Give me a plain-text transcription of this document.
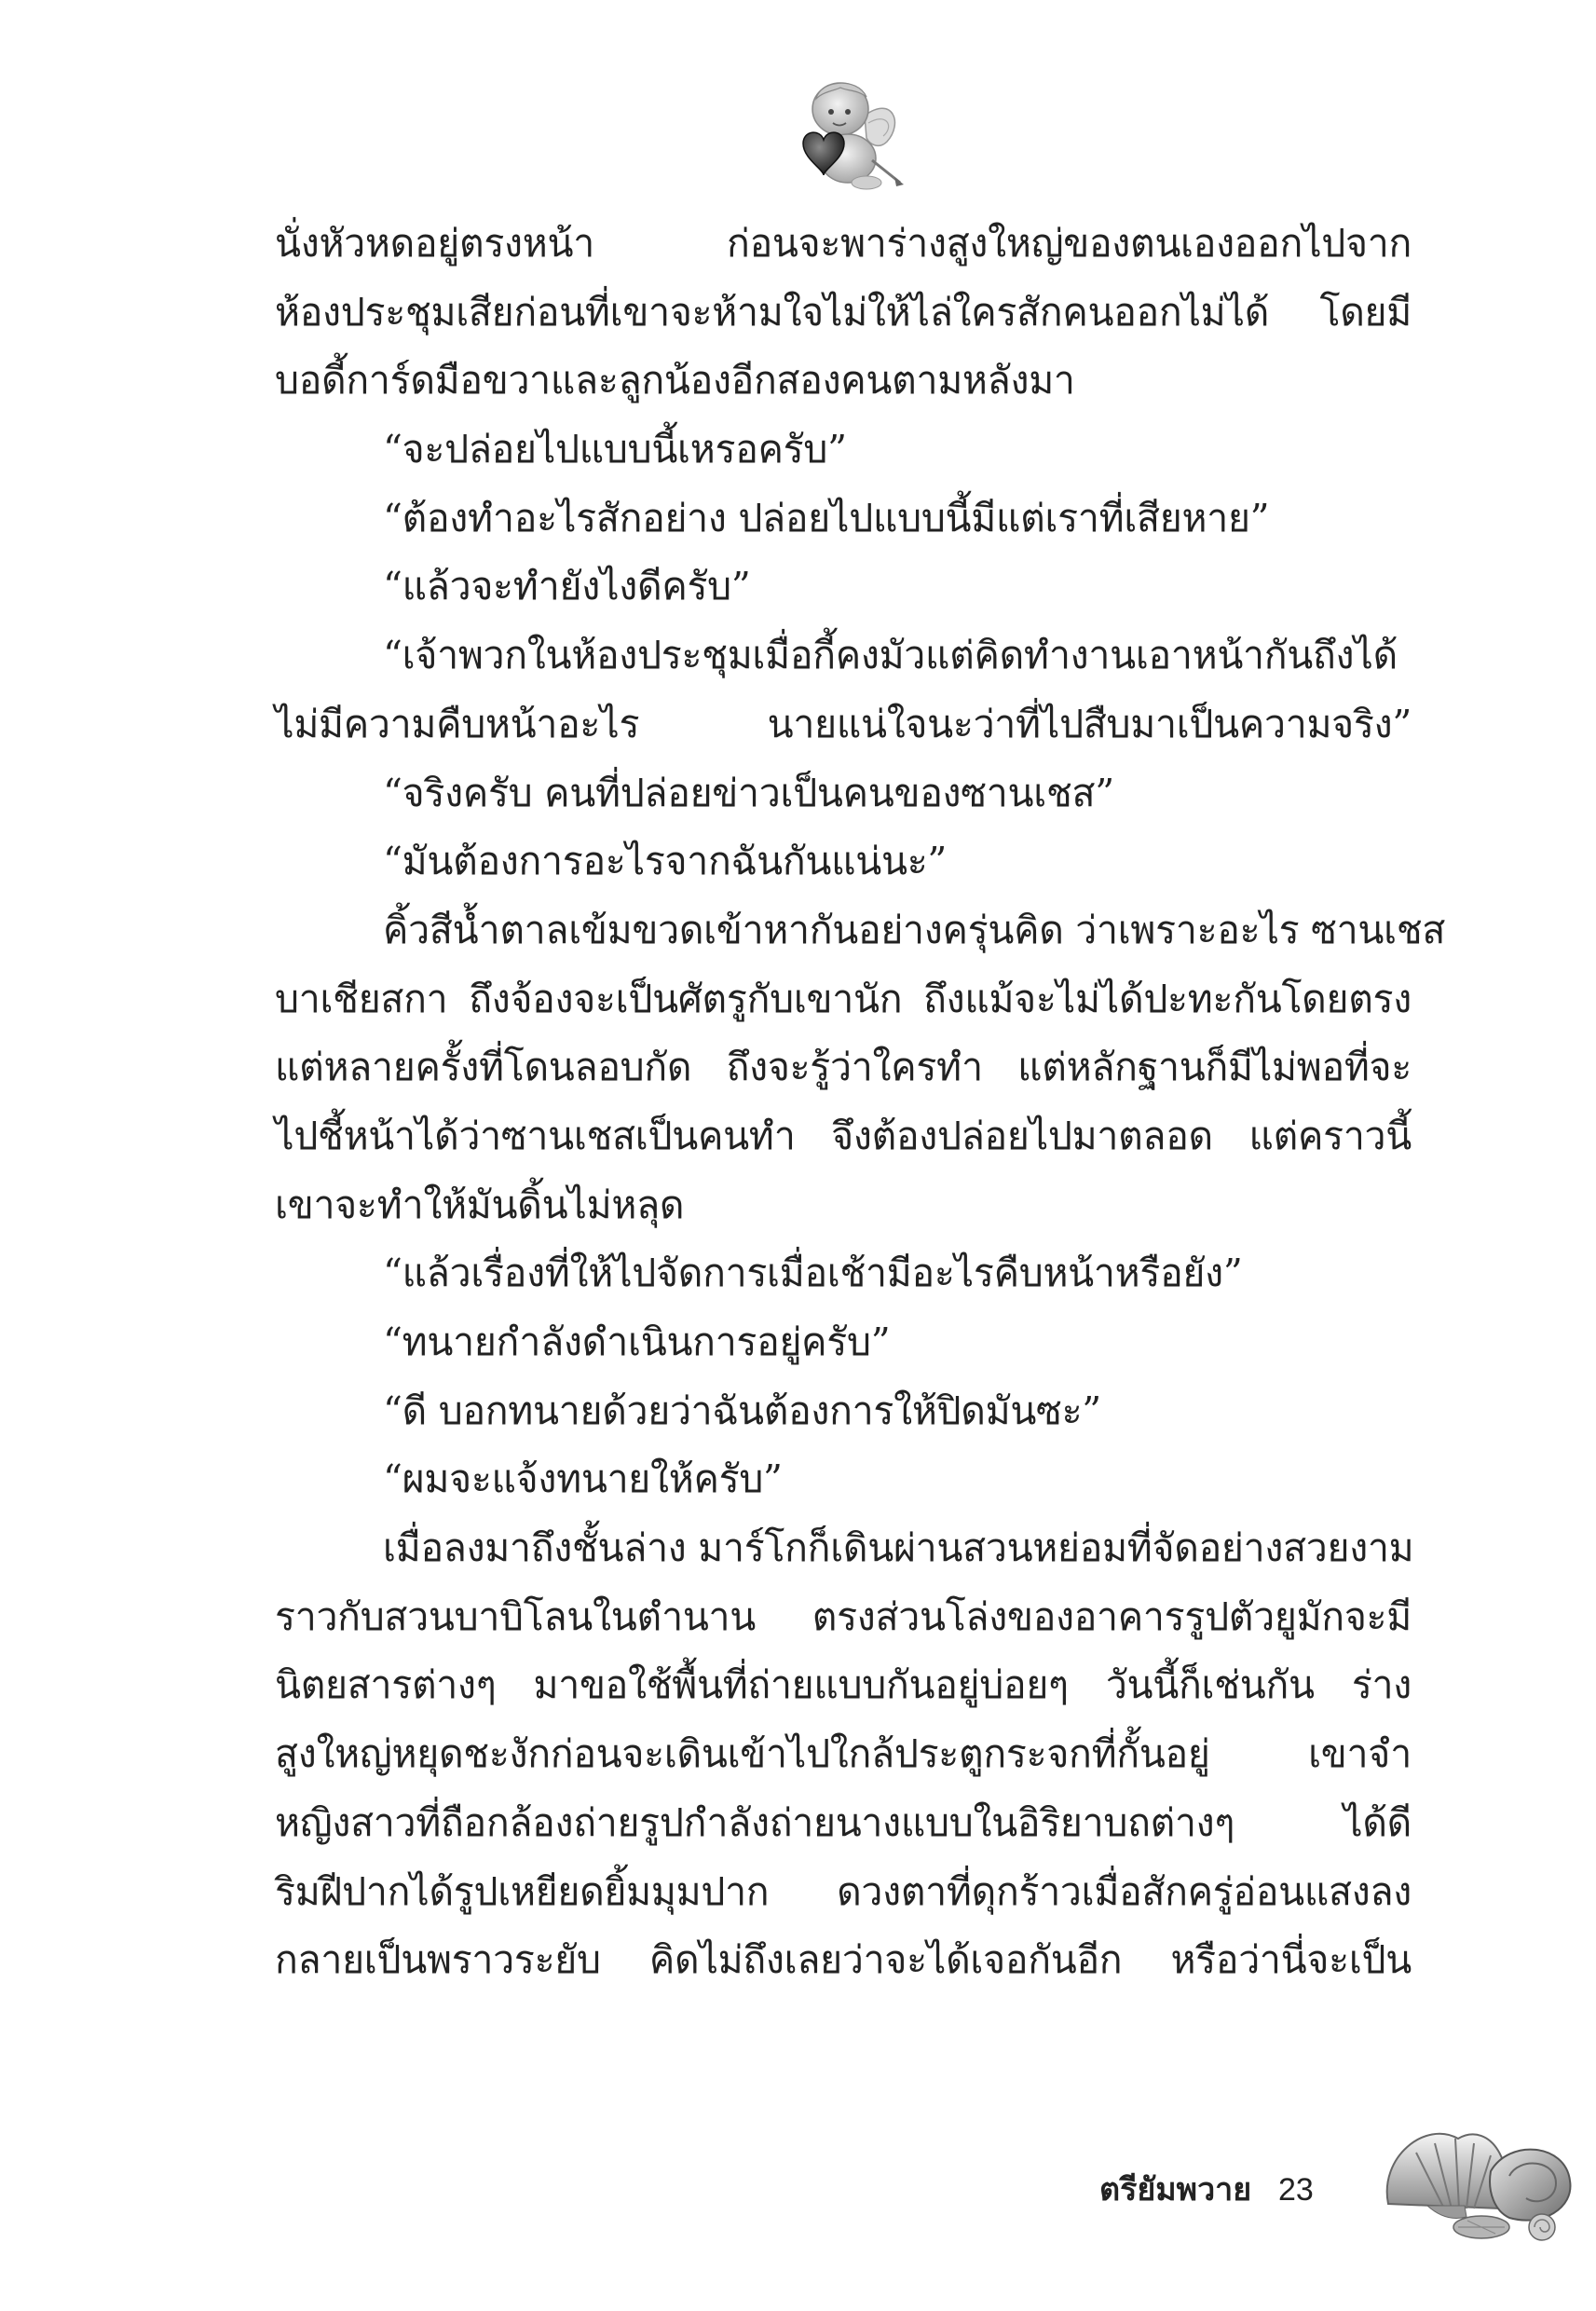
นั่งหัวหดอยู่ตรงหน้า ก่อนจะพาร่างสูงใหญ่ของตนเองออกไปจาก
ห้องประชุมเสียก่อนที่เขาจะห้ามใจไม่ให้ไล่ใครสักคนออกไม่ได้ โดยมี
บอดี้การ์ดมือขวาและลูกน้องอีกสองคนตามหลังมา
“จะปล่อยไปแบบนี้เหรอครับ”
“ต้องทำอะไรสักอย่าง ปล่อยไปแบบนี้มีแต่เราที่เสียหาย”
“แล้วจะทำยังไงดีครับ”
“เจ้าพวกในห้องประชุมเมื่อกี้คงมัวแต่คิดทำงานเอาหน้ากันถึงได้
ไม่มีความคืบหน้าอะไร นายแน่ใจนะว่าที่ไปสืบมาเป็นความจริง”
“จริงครับ คนที่ปล่อยข่าวเป็นคนของซานเชส”
“มันต้องการอะไรจากฉันกันแน่นะ”
คิ้วสีน้ำตาลเข้มขวดเข้าหากันอย่างครุ่นคิด ว่าเพราะอะไร ซานเชส
บาเชียสกา ถึงจ้องจะเป็นศัตรูกับเขานัก ถึงแม้จะไม่ได้ปะทะกันโดยตรง
แต่หลายครั้งที่โดนลอบกัด ถึงจะรู้ว่าใครทำ แต่หลักฐานก็มีไม่พอที่จะ
ไปชี้หน้าได้ว่าซานเชสเป็นคนทำ จึงต้องปล่อยไปมาตลอด แต่คราวนี้
เขาจะทำให้มันดิ้นไม่หลุด
“แล้วเรื่องที่ให้ไปจัดการเมื่อเช้ามีอะไรคืบหน้าหรือยัง”
“ทนายกำลังดำเนินการอยู่ครับ”
“ดี บอกทนายด้วยว่าฉันต้องการให้ปิดมันซะ”
“ผมจะแจ้งทนายให้ครับ”
เมื่อลงมาถึงชั้นล่าง มาร์โกก็เดินผ่านสวนหย่อมที่จัดอย่างสวยงาม
ราวกับสวนบาบิโลนในตำนาน ตรงส่วนโล่งของอาคารรูปตัวยูมักจะมี
นิตยสารต่างๆ มาขอใช้พื้นที่ถ่ายแบบกันอยู่บ่อยๆ วันนี้ก็เช่นกัน ร่าง
สูงใหญ่หยุดชะงักก่อนจะเดินเข้าไปใกล้ประตูกระจกที่กั้นอยู่ เขาจำ
หญิงสาวที่ถือกล้องถ่ายรูปกำลังถ่ายนางแบบในอิริยาบถต่างๆ ได้ดี
ริมฝีปากได้รูปเหยียดยิ้มมุมปาก ดวงตาที่ดุกร้าวเมื่อสักครู่อ่อนแสงลง
กลายเป็นพราวระยับ คิดไม่ถึงเลยว่าจะได้เจอกันอีก หรือว่านี่จะเป็น
ตรียัมพวาย 23
